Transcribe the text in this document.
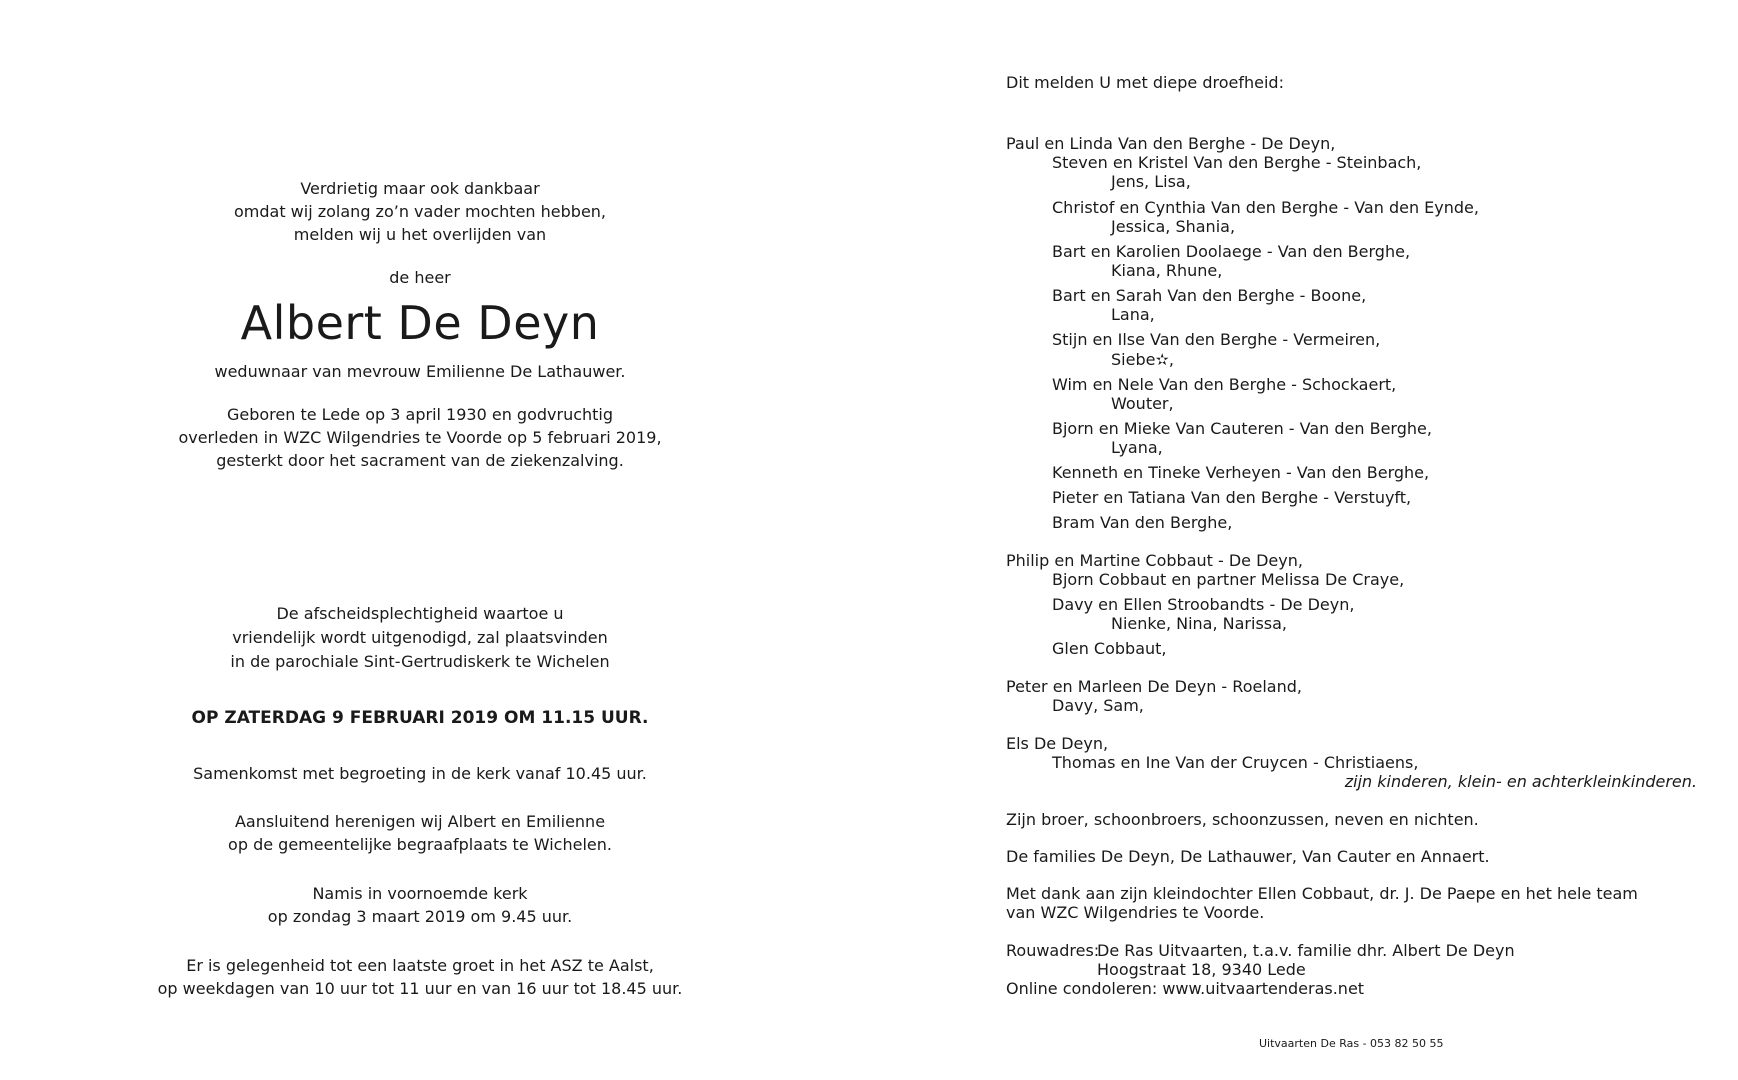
Verdrietig maar ook dankbaar
omdat wij zolang zo’n vader mochten hebben,
melden wij u het overlijden van
de heer
Albert De Deyn
weduwnaar van mevrouw Emilienne De Lathauwer.
Geboren te Lede op 3 april 1930 en godvruchtig
overleden in WZC Wilgendries te Voorde op 5 februari 2019,
gesterkt door het sacrament van de ziekenzalving.
De afscheidsplechtigheid waartoe u
vriendelijk wordt uitgenodigd, zal plaatsvinden
in de parochiale Sint-Gertrudiskerk te Wichelen
OP ZATERDAG 9 FEBRUARI 2019 OM 11.15 UUR.
Samenkomst met begroeting in de kerk vanaf 10.45 uur.
Aansluitend herenigen wij Albert en Emilienne
op de gemeentelijke begraafplaats te Wichelen.
Namis in voornoemde kerk
op zondag 3 maart 2019 om 9.45 uur.
Er is gelegenheid tot een laatste groet in het ASZ te Aalst,
op weekdagen van 10 uur tot 11 uur en van 16 uur tot 18.45 uur.
Dit melden U met diepe droefheid:
Paul en Linda Van den Berghe - De Deyn,
Steven en Kristel Van den Berghe - Steinbach,
Jens, Lisa,
Christof en Cynthia Van den Berghe - Van den Eynde,
Jessica, Shania,
Bart en Karolien Doolaege - Van den Berghe,
Kiana, Rhune,
Bart en Sarah Van den Berghe - Boone,
Lana,
Stijn en Ilse Van den Berghe - Vermeiren,
Siebe✫,
Wim en Nele Van den Berghe - Schockaert,
Wouter,
Bjorn en Mieke Van Cauteren - Van den Berghe,
Lyana,
Kenneth en Tineke Verheyen - Van den Berghe,
Pieter en Tatiana Van den Berghe - Verstuyft,
Bram Van den Berghe,
Philip en Martine Cobbaut - De Deyn,
Bjorn Cobbaut en partner Melissa De Craye,
Davy en Ellen Stroobandts - De Deyn,
Nienke, Nina, Narissa,
Glen Cobbaut,
Peter en Marleen De Deyn - Roeland,
Davy, Sam,
Els De Deyn,
Thomas en Ine Van der Cruycen - Christiaens,
zijn kinderen, klein- en achterkleinkinderen.
Zijn broer, schoonbroers, schoonzussen, neven en nichten.
De families De Deyn, De Lathauwer, Van Cauter en Annaert.
Met dank aan zijn kleindochter Ellen Cobbaut, dr. J. De Paepe en het hele team
van WZC Wilgendries te Voorde.
Rouwadres:
De Ras Uitvaarten, t.a.v. familie dhr. Albert De Deyn
Hoogstraat 18, 9340 Lede
Online condoleren: www.uitvaartenderas.net
Uitvaarten De Ras - 053 82 50 55
